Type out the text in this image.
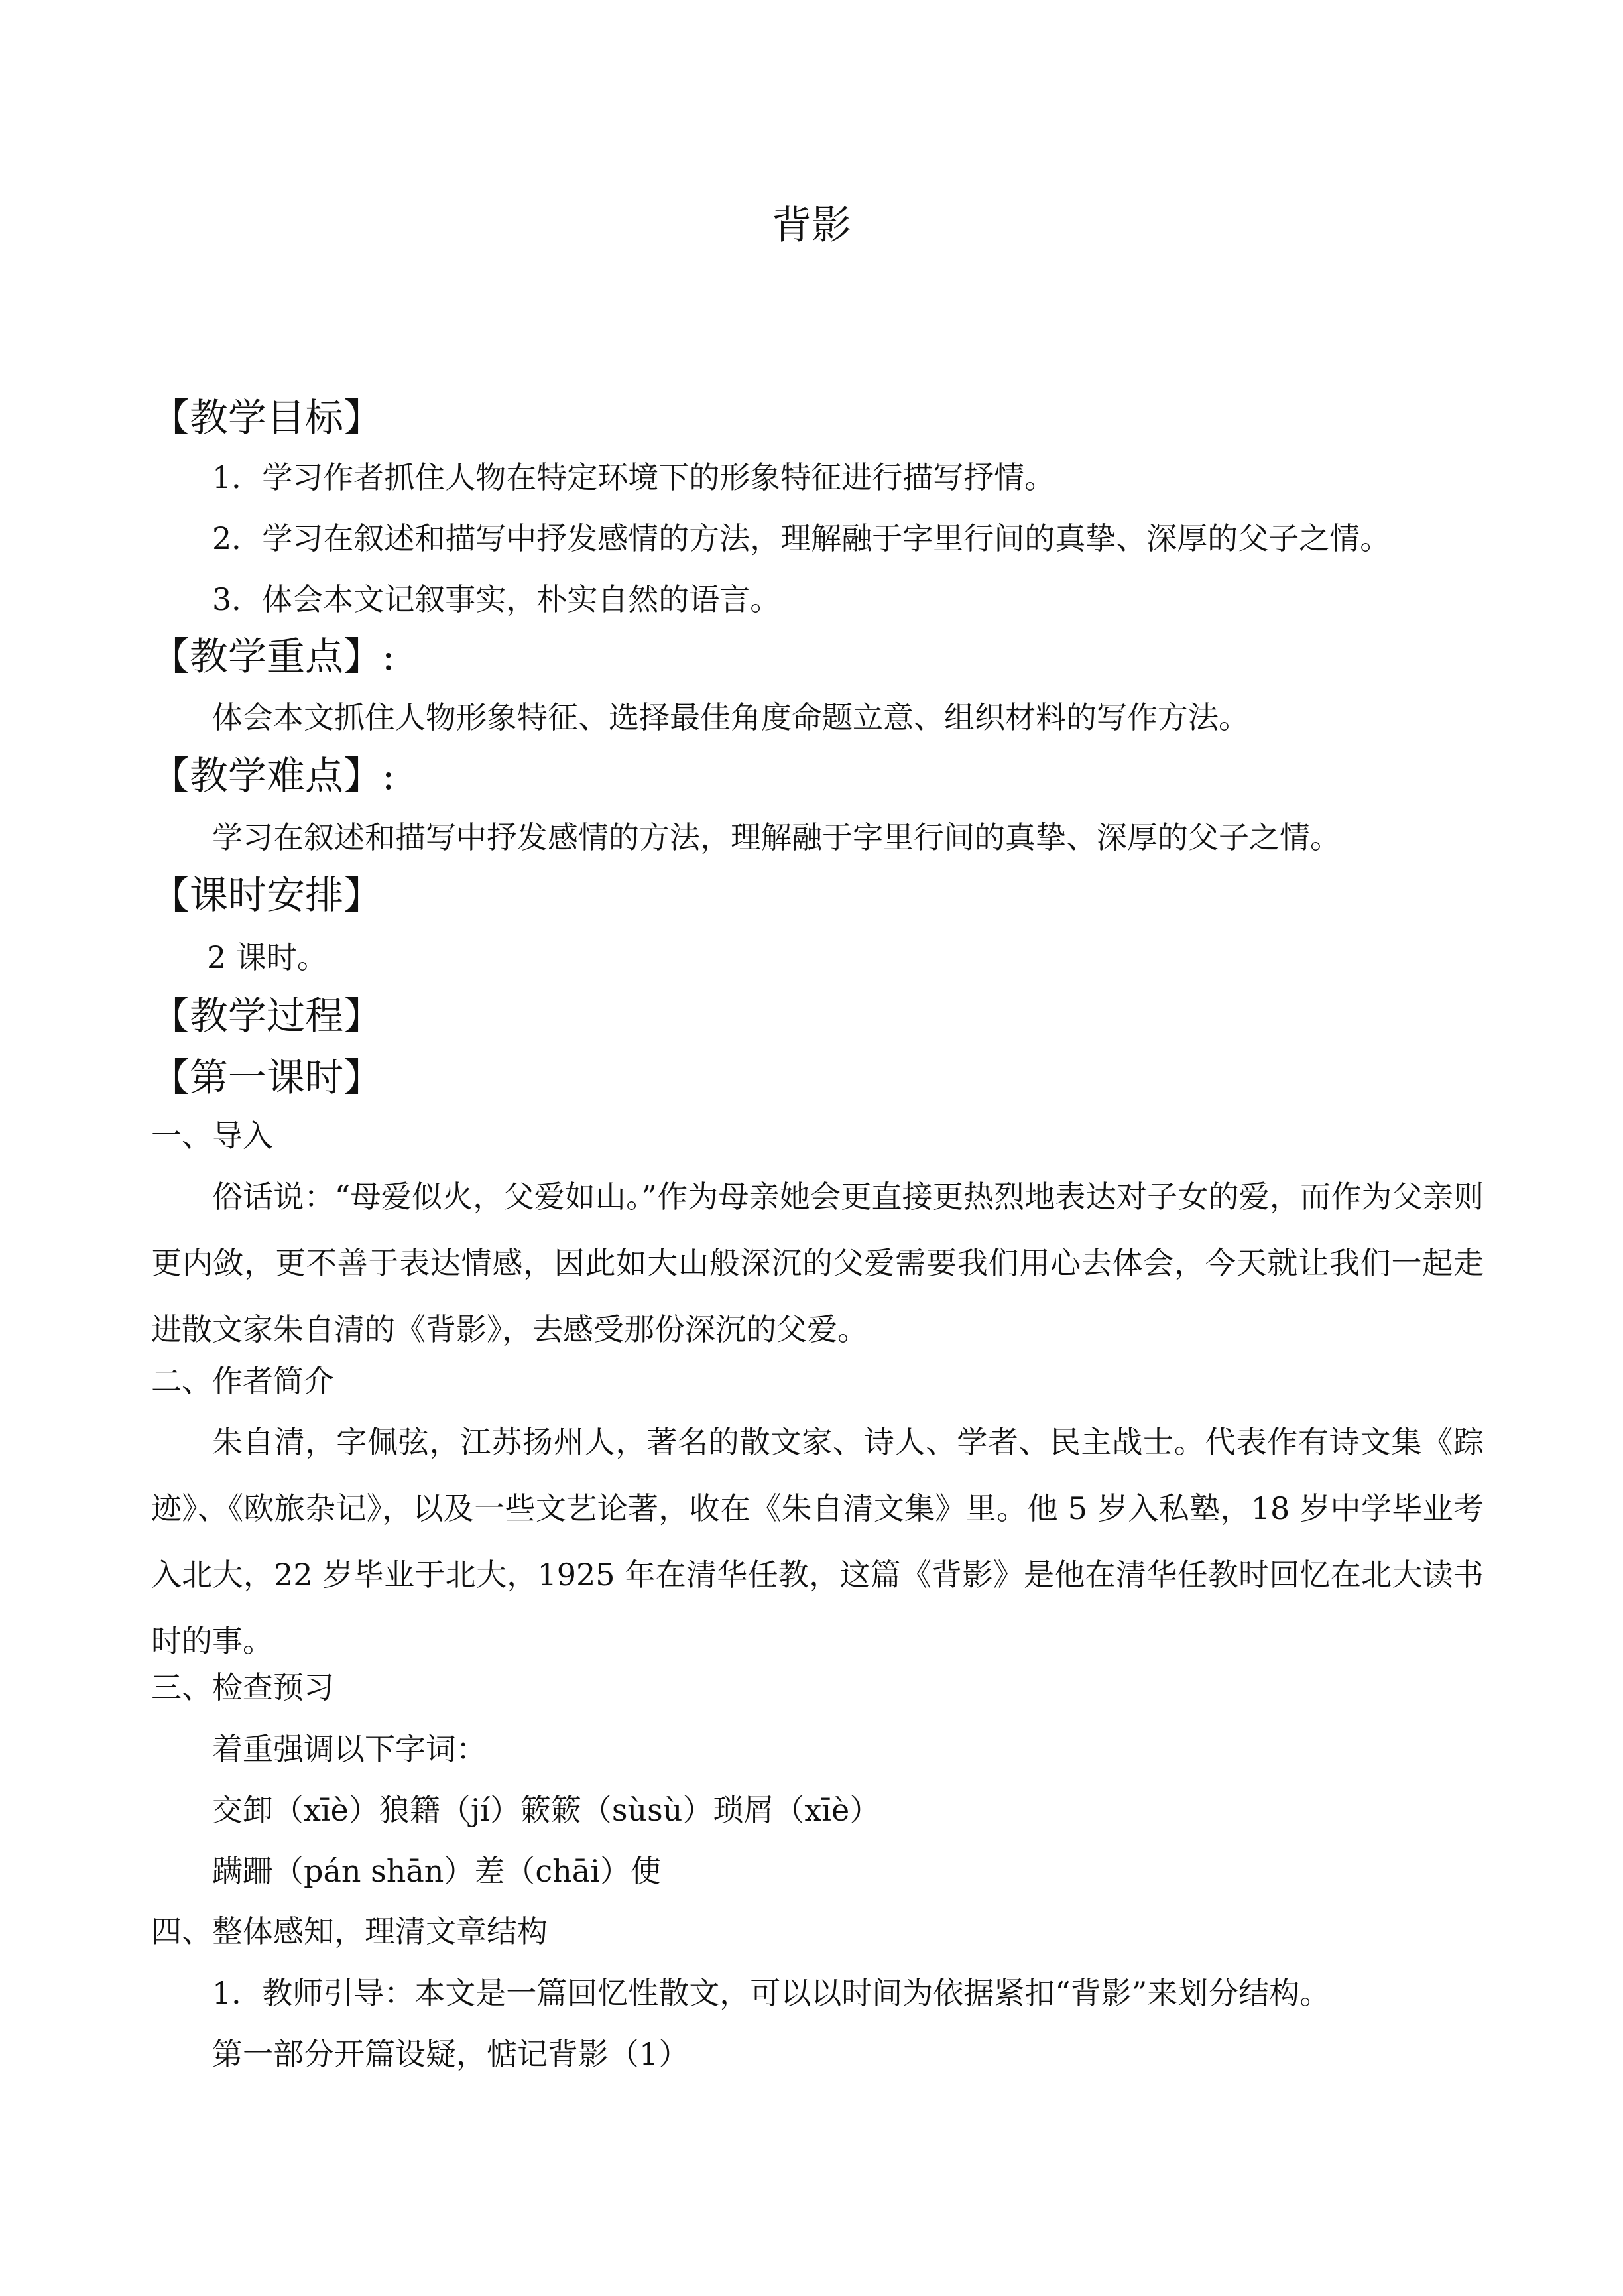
背影
【教学目标】
1．学习作者抓住人物在特定环境下的形象特征进行描写抒情。
2．学习在叙述和描写中抒发感情的方法，理解融于字里行间的真挚、深厚的父子之情。
3．体会本文记叙事实，朴实自然的语言。
【教学重点】:
体会本文抓住人物形象特征、选择最佳角度命题立意、组织材料的写作方法。
【教学难点】:
学习在叙述和描写中抒发感情的方法，理解融于字里行间的真挚、深厚的父子之情。
【课时安排】
2 课时。
【教学过程】
【第一课时】
一、导入
俗话说：“母爱似火，父爱如山。”作为母亲她会更直接更热烈地表达对子女的爱，而作为父亲则更内敛，更不善于表达情感，因此如大山般深沉的父爱需要我们用心去体会，今天就让我们一起走进散文家朱自清的《背影》，去感受那份深沉的父爱。
二、作者简介
朱自清，字佩弦，江苏扬州人，著名的散文家、诗人、学者、民主战士。代表作有诗文集《踪迹》、《欧旅杂记》，以及一些文艺论著，收在《朱自清文集》里。他 5 岁入私塾，18 岁中学毕业考入北大，22 岁毕业于北大，1925 年在清华任教，这篇《背影》是他在清华任教时回忆在北大读书时的事。
三、检查预习
着重强调以下字词：
交卸（xīè）狼籍（jí）簌簌（sùsù）琐屑（xīè）
蹒跚（pán shān）差（chāi）使
四、整体感知，理清文章结构
1．教师引导：本文是一篇回忆性散文，可以以时间为依据紧扣“背影”来划分结构。
第一部分开篇设疑，惦记背影（1）
